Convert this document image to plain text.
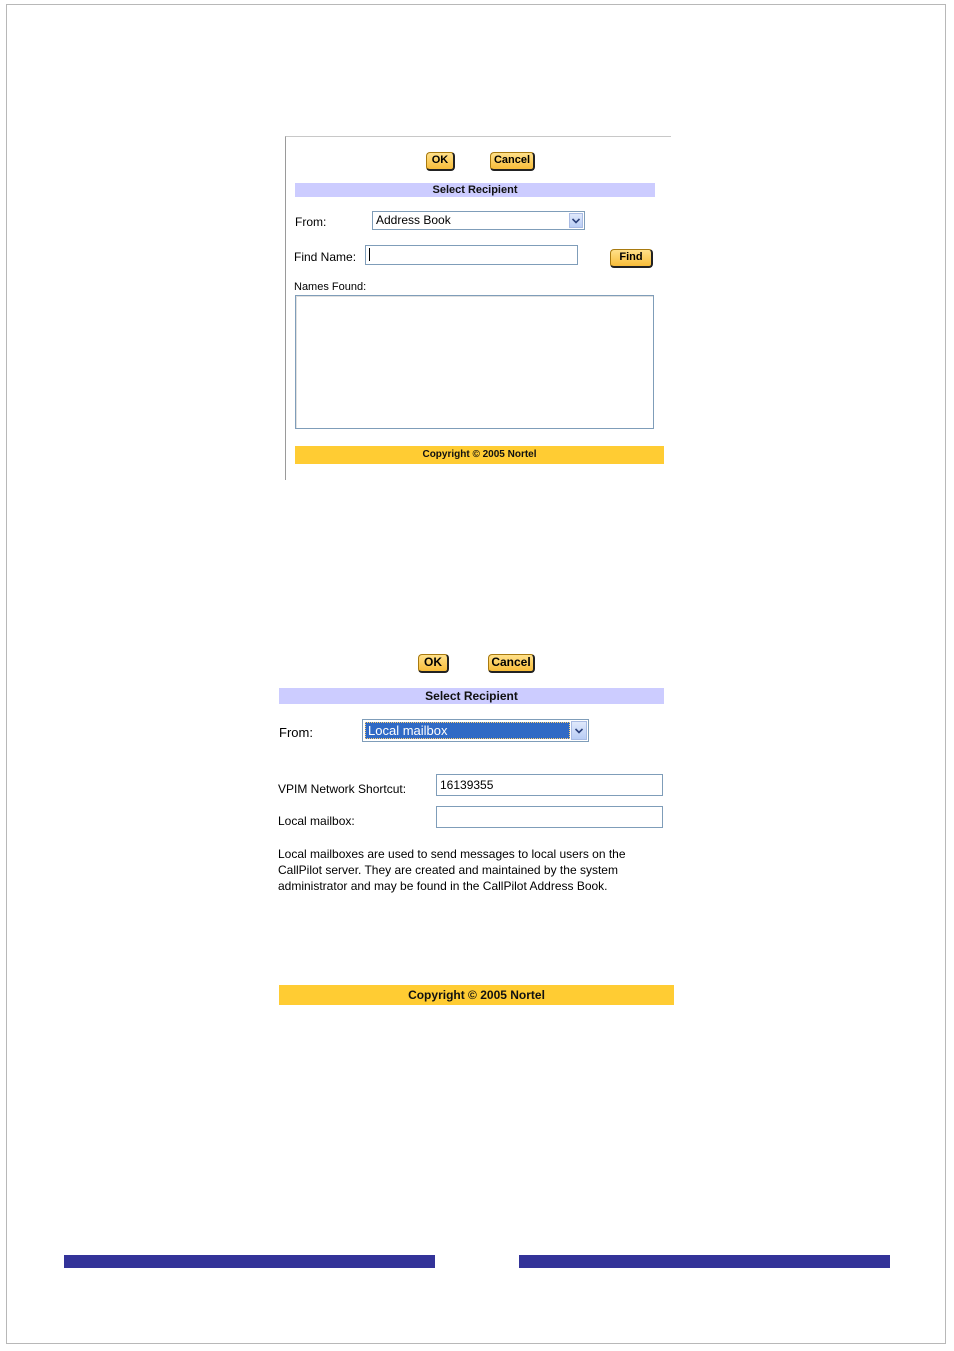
OK	Cancel
Select Recipient
From:	Address Book
Find Name:	Find
Names Found:
Copyright © 2005 Nortel
OK	Cancel
Select Recipient
From:	Local mailbox
VPIM Network Shortcut:	16139355
Local mailbox:
Local mailboxes are used to send messages to local users on the CallPilot server. They are created and maintained by the system administrator and may be found in the CallPilot Address Book.
Copyright © 2005 Nortel
